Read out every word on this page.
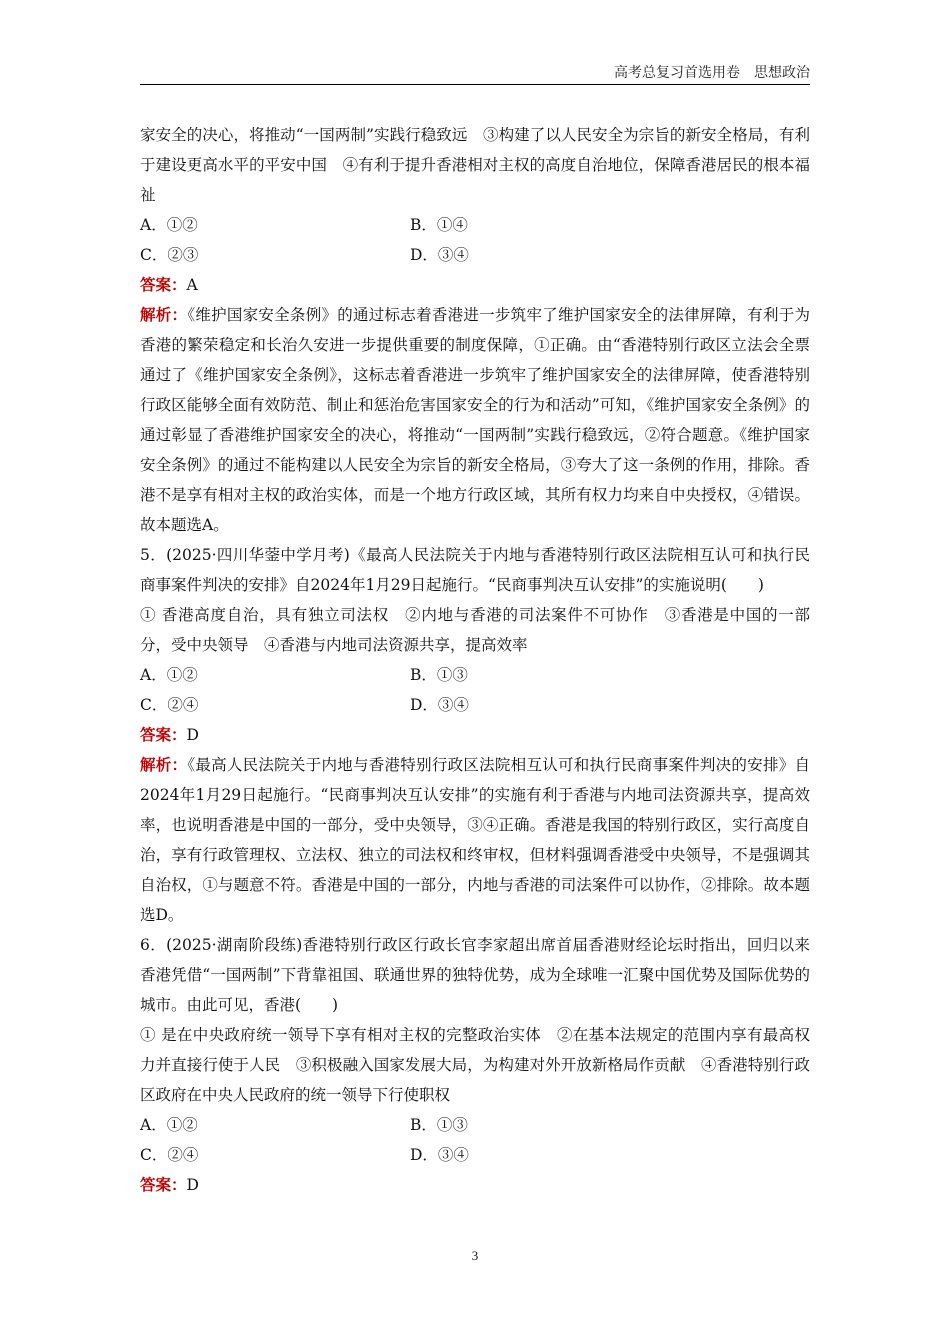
高考总复习首选用卷　思想政治

家安全的决心，将推动“一国两制”实践行稳致远　③构建了以人民安全为宗旨的新安全格局，有利于建设更高水平的平安中国　④有利于提升香港相对主权的高度自治地位，保障香港居民的根本福祉

A．①②	B．①④
C．②③	D．③④

答案：A

解析：《维护国家安全条例》的通过标志着香港进一步筑牢了维护国家安全的法律屏障，有利于为香港的繁荣稳定和长治久安进一步提供重要的制度保障，①正确。由“香港特别行政区立法会全票通过了《维护国家安全条例》，这标志着香港进一步筑牢了维护国家安全的法律屏障，使香港特别行政区能够全面有效防范、制止和惩治危害国家安全的行为和活动”可知，《维护国家安全条例》的通过彰显了香港维护国家安全的决心，将推动“一国两制”实践行稳致远，②符合题意。《维护国家安全条例》的通过不能构建以人民安全为宗旨的新安全格局，③夸大了这一条例的作用，排除。香港不是享有相对主权的政治实体，而是一个地方行政区域，其所有权力均来自中央授权，④错误。故本题选A。

5．(2025·四川华蓥中学月考)《最高人民法院关于内地与香港特别行政区法院相互认可和执行民商事案件判决的安排》自2024年1月29日起施行。“民商事判决互认安排”的实施说明(　　)

① 香港高度自治，具有独立司法权　②内地与香港的司法案件不可协作　③香港是中国的一部分，受中央领导　④香港与内地司法资源共享，提高效率

A．①②	B．①③
C．②④	D．③④

答案：D

解析：《最高人民法院关于内地与香港特别行政区法院相互认可和执行民商事案件判决的安排》自2024年1月29日起施行。“民商事判决互认安排”的实施有利于香港与内地司法资源共享，提高效率，也说明香港是中国的一部分，受中央领导，③④正确。香港是我国的特别行政区，实行高度自治，享有行政管理权、立法权、独立的司法权和终审权，但材料强调香港受中央领导，不是强调其自治权，①与题意不符。香港是中国的一部分，内地与香港的司法案件可以协作，②排除。故本题选D。

6．(2025·湖南阶段练)香港特别行政区行政长官李家超出席首届香港财经论坛时指出，回归以来香港凭借“一国两制”下背靠祖国、联通世界的独特优势，成为全球唯一汇聚中国优势及国际优势的城市。由此可见，香港(　　)

① 是在中央政府统一领导下享有相对主权的完整政治实体　②在基本法规定的范围内享有最高权力并直接行使于人民　③积极融入国家发展大局，为构建对外开放新格局作贡献　④香港特别行政区政府在中央人民政府的统一领导下行使职权

A．①②	B．①③
C．②④	D．③④

答案：D

3
